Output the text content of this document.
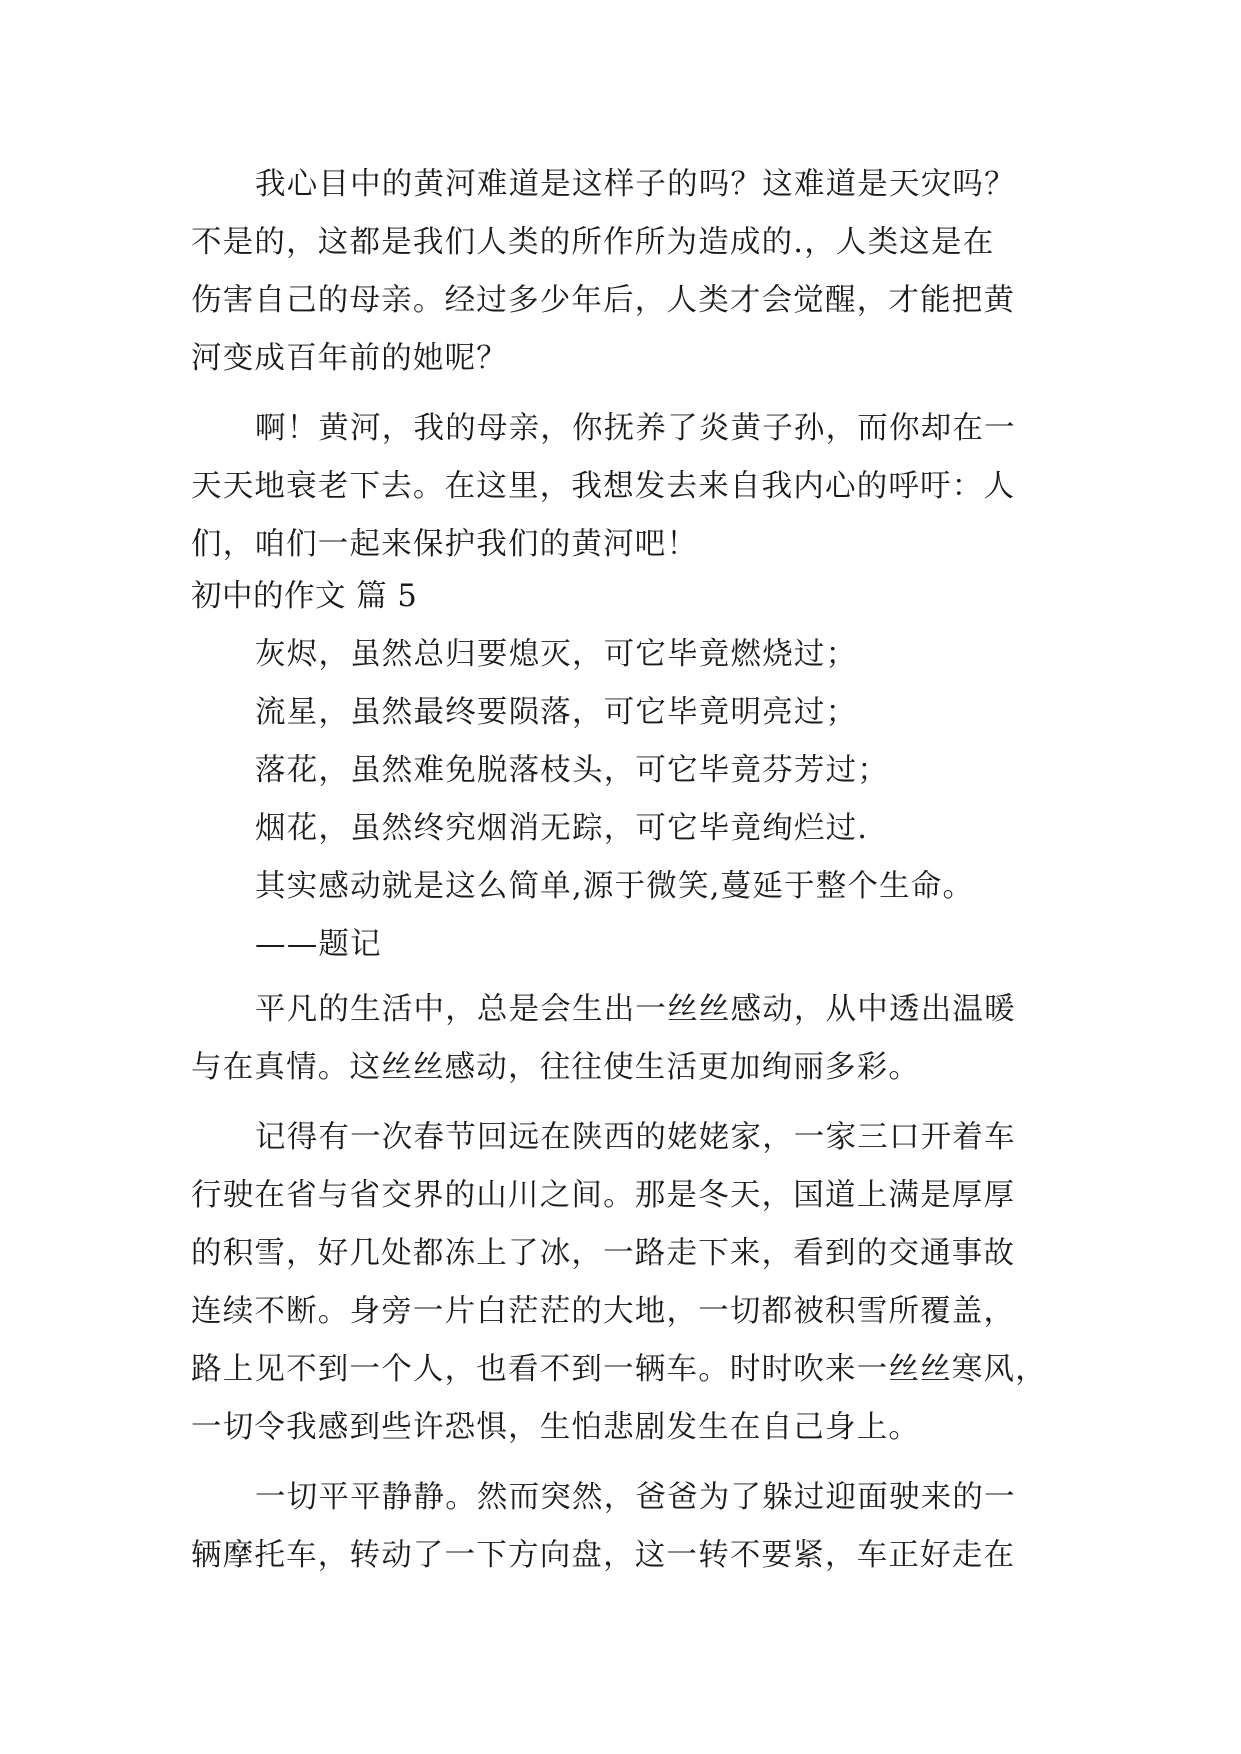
我心目中的黄河难道是这样子的吗？这难道是天灾吗？
不是的，这都是我们人类的所作所为造成的.，人类这是在
伤害自己的母亲。经过多少年后，人类才会觉醒，才能把黄
河变成百年前的她呢？
啊！黄河，我的母亲，你抚养了炎黄子孙，而你却在一
天天地衰老下去。在这里，我想发去来自我内心的呼吁：人
们，咱们一起来保护我们的黄河吧！
初中的作文 篇 5
灰烬，虽然总归要熄灭，可它毕竟燃烧过；
流星，虽然最终要陨落，可它毕竟明亮过；
落花，虽然难免脱落枝头，可它毕竟芬芳过；
烟花，虽然终究烟消无踪，可它毕竟绚烂过.
其实感动就是这么简单,源于微笑,蔓延于整个生命。
——题记
平凡的生活中，总是会生出一丝丝感动，从中透出温暖
与在真情。这丝丝感动，往往使生活更加绚丽多彩。
记得有一次春节回远在陕西的姥姥家，一家三口开着车
行驶在省与省交界的山川之间。那是冬天，国道上满是厚厚
的积雪，好几处都冻上了冰，一路走下来，看到的交通事故
连续不断。身旁一片白茫茫的大地，一切都被积雪所覆盖，
路上见不到一个人，也看不到一辆车。时时吹来一丝丝寒风，
一切令我感到些许恐惧，生怕悲剧发生在自己身上。
一切平平静静。然而突然，爸爸为了躲过迎面驶来的一
辆摩托车，转动了一下方向盘，这一转不要紧，车正好走在
